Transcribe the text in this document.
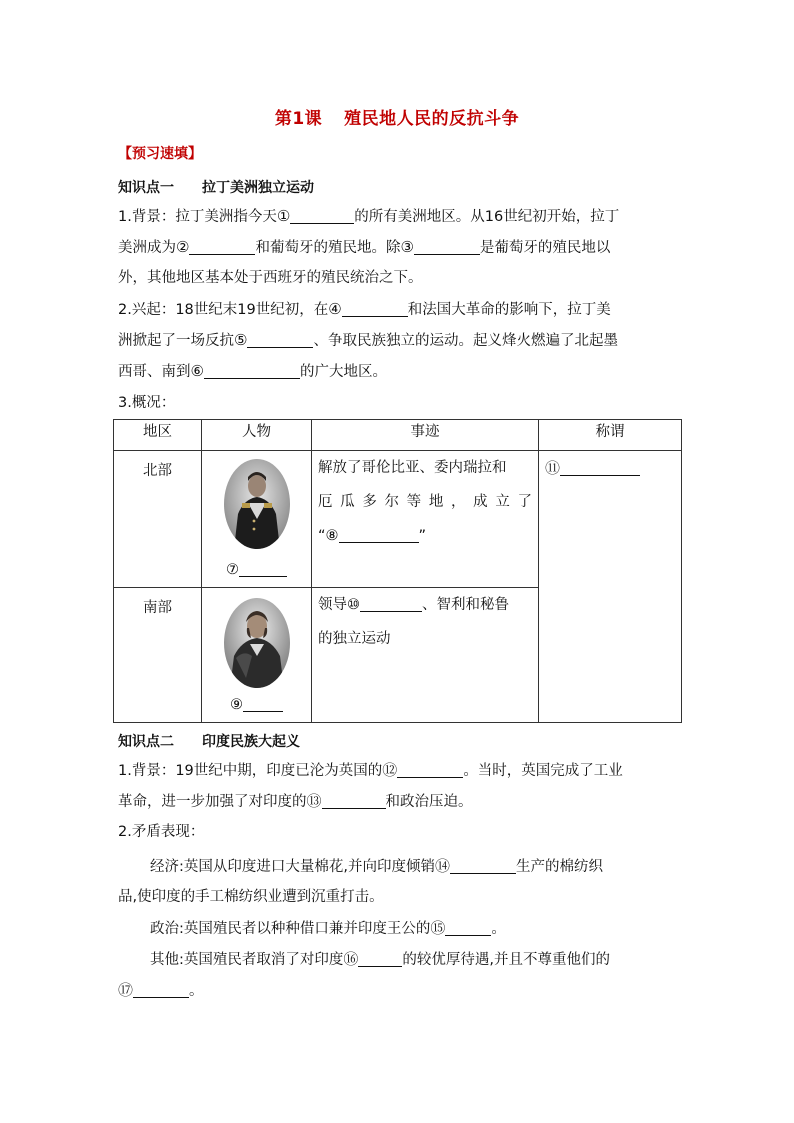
第1课 殖民地人民的反抗斗争
【预习速填】
知识点一 拉丁美洲独立运动
1.背景：拉丁美洲指今天①	的所有美洲地区。从16世纪初开始，拉丁
美洲成为②	和葡萄牙的殖民地。除③	是葡萄牙的殖民地以
外，其他地区基本处于西班牙的殖民统治之下。
2.兴起：18世纪末19世纪初，在④	和法国大革命的影响下，拉丁美
洲掀起了一场反抗⑤	、争取民族独立的运动。起义烽火燃遍了北起墨
西哥、南到⑥	的广大地区。
3.概况：
地区	人物	事迹	称谓
北部	⑦	解放了哥伦比亚、委内瑞拉和
厄瓜多尔等地，成立了
“⑧ ”	⑪

南部	⑨	领导⑩ 、智利和秘鲁
的独立运动	
知识点二 印度民族大起义
1.背景：19世纪中期，印度已沦为英国的⑫	。当时，英国完成了工业
革命，进一步加强了对印度的⑬	和政治压迫。
2.矛盾表现：
经济:英国从印度进口大量棉花,并向印度倾销⑭	生产的棉纺织
品,使印度的手工棉纺织业遭到沉重打击。
政治:英国殖民者以种种借口兼并印度王公的⑮	。
其他:英国殖民者取消了对印度⑯	的较优厚待遇,并且不尊重他们的
⑰	。
